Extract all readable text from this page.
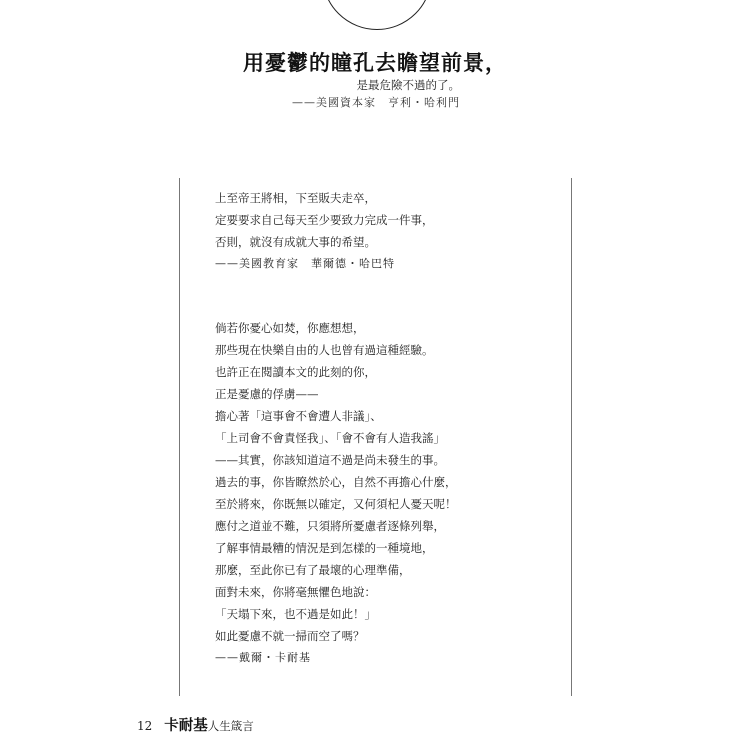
用憂鬱的瞳孔去瞻望前景，
是最危險不過的了。
——美國資本家　亨利・哈利門
上至帝王將相，下至販夫走卒，
定要要求自己每天至少要致力完成一件事，
否則，就沒有成就大事的希望。
——美國教育家　華爾德・哈巴特
倘若你憂心如焚，你應想想，
那些現在快樂自由的人也曾有過這種經驗。
也許正在閱讀本文的此刻的你，
正是憂慮的俘虜——
擔心著「這事會不會遭人非議」、
「上司會不會責怪我」、「會不會有人造我謠」
——其實，你該知道這不過是尚未發生的事。
過去的事，你皆瞭然於心，自然不再擔心什麼，
至於將來，你既無以確定，又何須杞人憂天呢！
應付之道並不難，只須將所憂慮者逐條列舉，
了解事情最糟的情況是到怎樣的一種境地，
那麼，至此你已有了最壞的心理準備，
面對未來，你將毫無懼色地說：
「天塌下來，也不過是如此！」
如此憂慮不就一掃而空了嗎？
——戴爾・卡耐基
12 卡耐基 人生箴言
